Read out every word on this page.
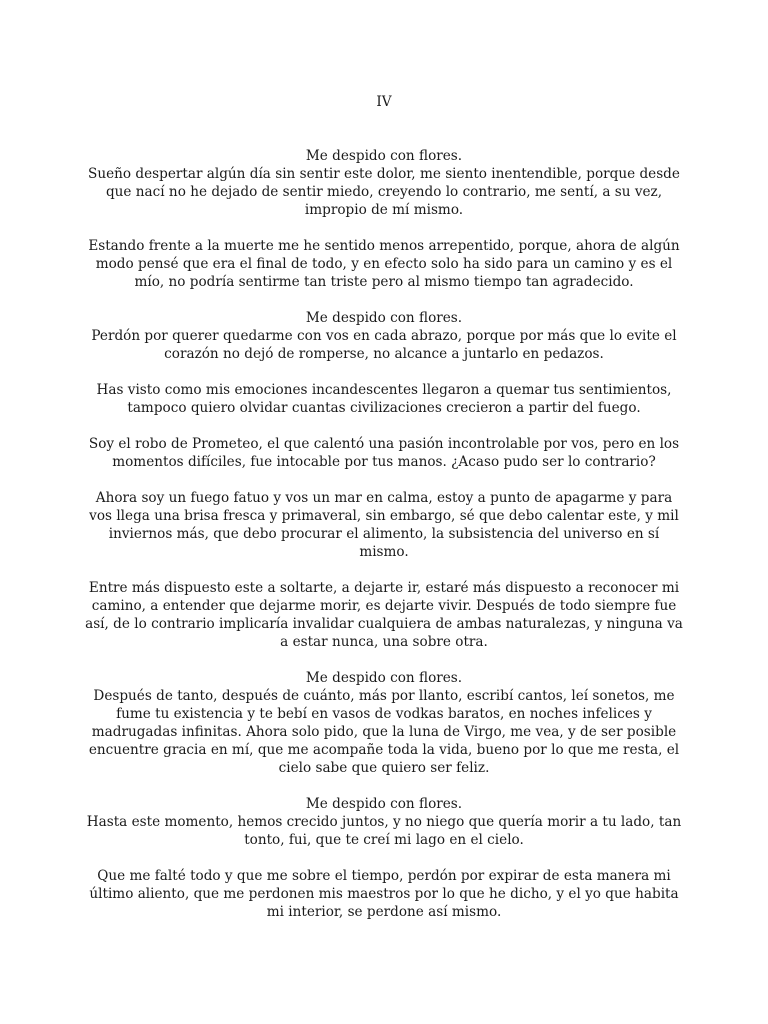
IV
Me despido con flores.
Sueño despertar algún día sin sentir este dolor, me siento inentendible, porque desde que nací no he dejado de sentir miedo, creyendo lo contrario, me sentí, a su vez, impropio de mí mismo.
Estando frente a la muerte me he sentido menos arrepentido, porque, ahora de algún modo pensé que era el final de todo, y en efecto solo ha sido para un camino y es el mío, no podría sentirme tan triste pero al mismo tiempo tan agradecido.
Me despido con flores.
Perdón por querer quedarme con vos en cada abrazo, porque por más que lo evite el corazón no dejó de romperse, no alcance a juntarlo en pedazos.
Has visto como mis emociones incandescentes llegaron a quemar tus sentimientos, tampoco quiero olvidar cuantas civilizaciones crecieron a partir del fuego.
Soy el robo de Prometeo, el que calentó una pasión incontrolable por vos, pero en los momentos difíciles, fue intocable por tus manos. ¿Acaso pudo ser lo contrario?
Ahora soy un fuego fatuo y vos un mar en calma, estoy a punto de apagarme y para vos llega una brisa fresca y primaveral, sin embargo, sé que debo calentar este, y mil inviernos más, que debo procurar el alimento, la subsistencia del universo en sí mismo.
Entre más dispuesto este a soltarte, a dejarte ir, estaré más dispuesto a reconocer mi camino, a entender que dejarme morir, es dejarte vivir. Después de todo siempre fue así, de lo contrario implicaría invalidar cualquiera de ambas naturalezas, y ninguna va a estar nunca, una sobre otra.
Me despido con flores.
Después de tanto, después de cuánto, más por llanto, escribí cantos, leí sonetos, me fume tu existencia y te bebí en vasos de vodkas baratos, en noches infelices y madrugadas infinitas. Ahora solo pido, que la luna de Virgo, me vea, y de ser posible encuentre gracia en mí, que me acompañe toda la vida, bueno por lo que me resta, el cielo sabe que quiero ser feliz.
Me despido con flores.
Hasta este momento, hemos crecido juntos, y no niego que quería morir a tu lado, tan tonto, fui, que te creí mi lago en el cielo.
Que me falté todo y que me sobre el tiempo, perdón por expirar de esta manera mi último aliento, que me perdonen mis maestros por lo que he dicho, y el yo que habita mi interior, se perdone así mismo.
